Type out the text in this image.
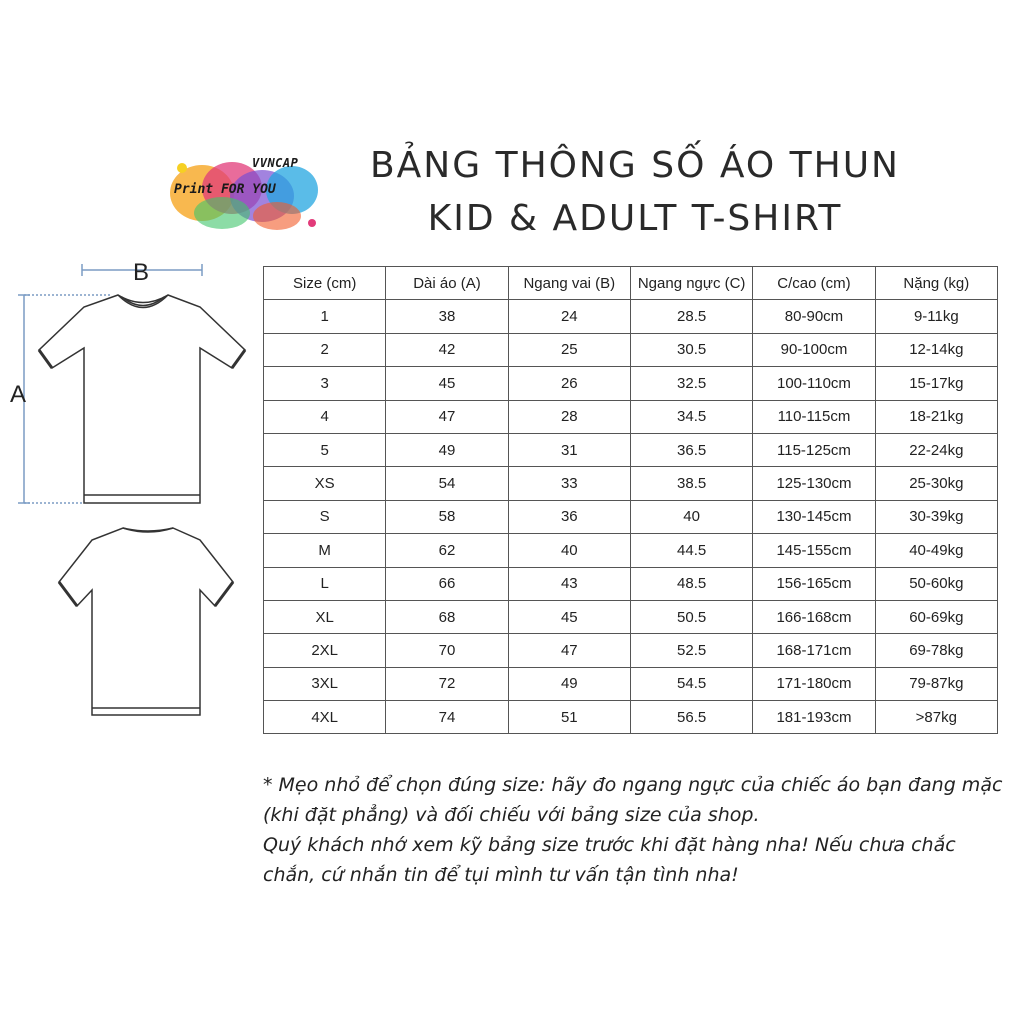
VVNCAP
Print FOR YOU
BẢNG THÔNG SỐ ÁO THUN
KID & ADULT T-SHIRT
B
A
Size (cm)	Dài áo (A)	Ngang vai (B)	Ngang ngực (C)	C/cao (cm)	Nặng (kg)
1	38	24	28.5	80-90cm	9-11kg
2	42	25	30.5	90-100cm	12-14kg
3	45	26	32.5	100-110cm	15-17kg
4	47	28	34.5	110-115cm	18-21kg
5	49	31	36.5	115-125cm	22-24kg
XS	54	33	38.5	125-130cm	25-30kg
S	58	36	40	130-145cm	30-39kg
M	62	40	44.5	145-155cm	40-49kg
L	66	43	48.5	156-165cm	50-60kg
XL	68	45	50.5	166-168cm	60-69kg
2XL	70	47	52.5	168-171cm	69-78kg
3XL	72	49	54.5	171-180cm	79-87kg
4XL	74	51	56.5	181-193cm	>87kg

* Mẹo nhỏ để chọn đúng size: hãy đo ngang ngực của chiếc áo bạn đang mặc (khi đặt phẳng) và đối chiếu với bảng size của shop.

Quý khách nhớ xem kỹ bảng size trước khi đặt hàng nha! Nếu chưa chắc chắn, cứ nhắn tin để tụi mình tư vấn tận tình nha!
